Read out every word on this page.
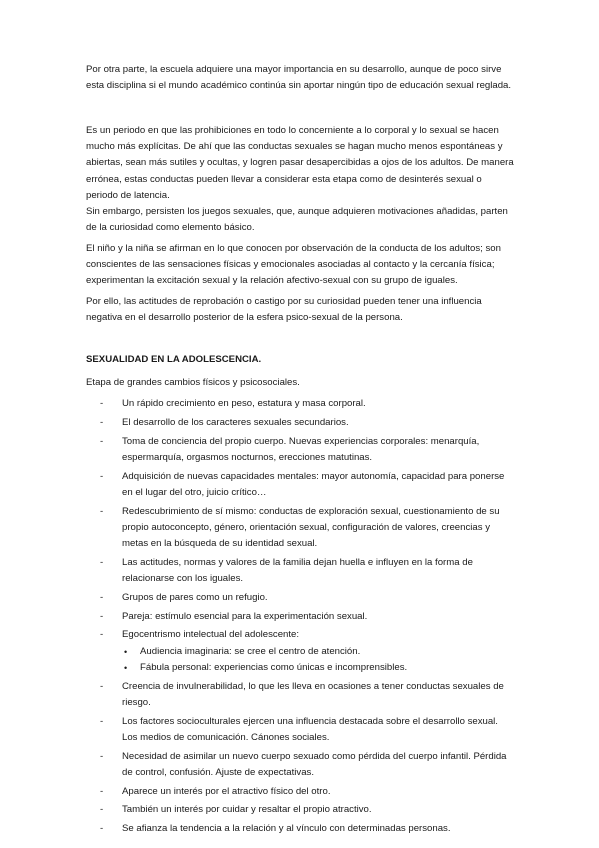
Por otra parte, la escuela adquiere una mayor importancia en su desarrollo, aunque de poco sirve esta disciplina si el mundo académico continúa sin aportar ningún tipo de educación sexual reglada.

Es un periodo en que las prohibiciones en todo lo concerniente a lo corporal y lo sexual se hacen mucho más explícitas. De ahí que las conductas sexuales se hagan mucho menos espontáneas y abiertas, sean más sutiles y ocultas, y logren pasar desapercibidas a ojos de los adultos. De manera errónea, estas conductas pueden llevar a considerar esta etapa como de desinterés sexual o periodo de latencia.

Sin embargo, persisten los juegos sexuales, que, aunque adquieren motivaciones añadidas, parten de la curiosidad como elemento básico.

El niño y la niña se afirman en lo que conocen por observación de la conducta de los adultos; son conscientes de las sensaciones físicas y emocionales asociadas al contacto y la cercanía física; experimentan la excitación sexual y la relación afectivo-sexual con su grupo de iguales.

Por ello, las actitudes de reprobación o castigo por su curiosidad pueden tener una influencia negativa en el desarrollo posterior de la esfera psico-sexual de la persona.

SEXUALIDAD EN LA ADOLESCENCIA.

Etapa de grandes cambios físicos y psicosociales.

- Un rápido crecimiento en peso, estatura y masa corporal.
- El desarrollo de los caracteres sexuales secundarios.
- Toma de conciencia del propio cuerpo. Nuevas experiencias corporales: menarquía, espermarquía, orgasmos nocturnos, erecciones matutinas.
- Adquisición de nuevas capacidades mentales: mayor autonomía, capacidad para ponerse en el lugar del otro, juicio crítico…
- Redescubrimiento de sí mismo: conductas de exploración sexual, cuestionamiento de su propio autoconcepto, género, orientación sexual, configuración de valores, creencias y metas en la búsqueda de su identidad sexual.
- Las actitudes, normas y valores de la familia dejan huella e influyen en la forma de relacionarse con los iguales.
- Grupos de pares como un refugio.
- Pareja: estímulo esencial para la experimentación sexual.
- Egocentrismo intelectual del adolescente:
• Audiencia imaginaria: se cree el centro de atención.
• Fábula personal: experiencias como únicas e incomprensibles.
- Creencia de invulnerabilidad, lo que les lleva en ocasiones a tener conductas sexuales de riesgo.
- Los factores socioculturales ejercen una influencia destacada sobre el desarrollo sexual. Los medios de comunicación. Cánones sociales.
- Necesidad de asimilar un nuevo cuerpo sexuado como pérdida del cuerpo infantil. Pérdida de control, confusión. Ajuste de expectativas.
- Aparece un interés por el atractivo físico del otro.
- También un interés por cuidar y resaltar el propio atractivo.
- Se afianza la tendencia a la relación y al vínculo con determinadas personas.
